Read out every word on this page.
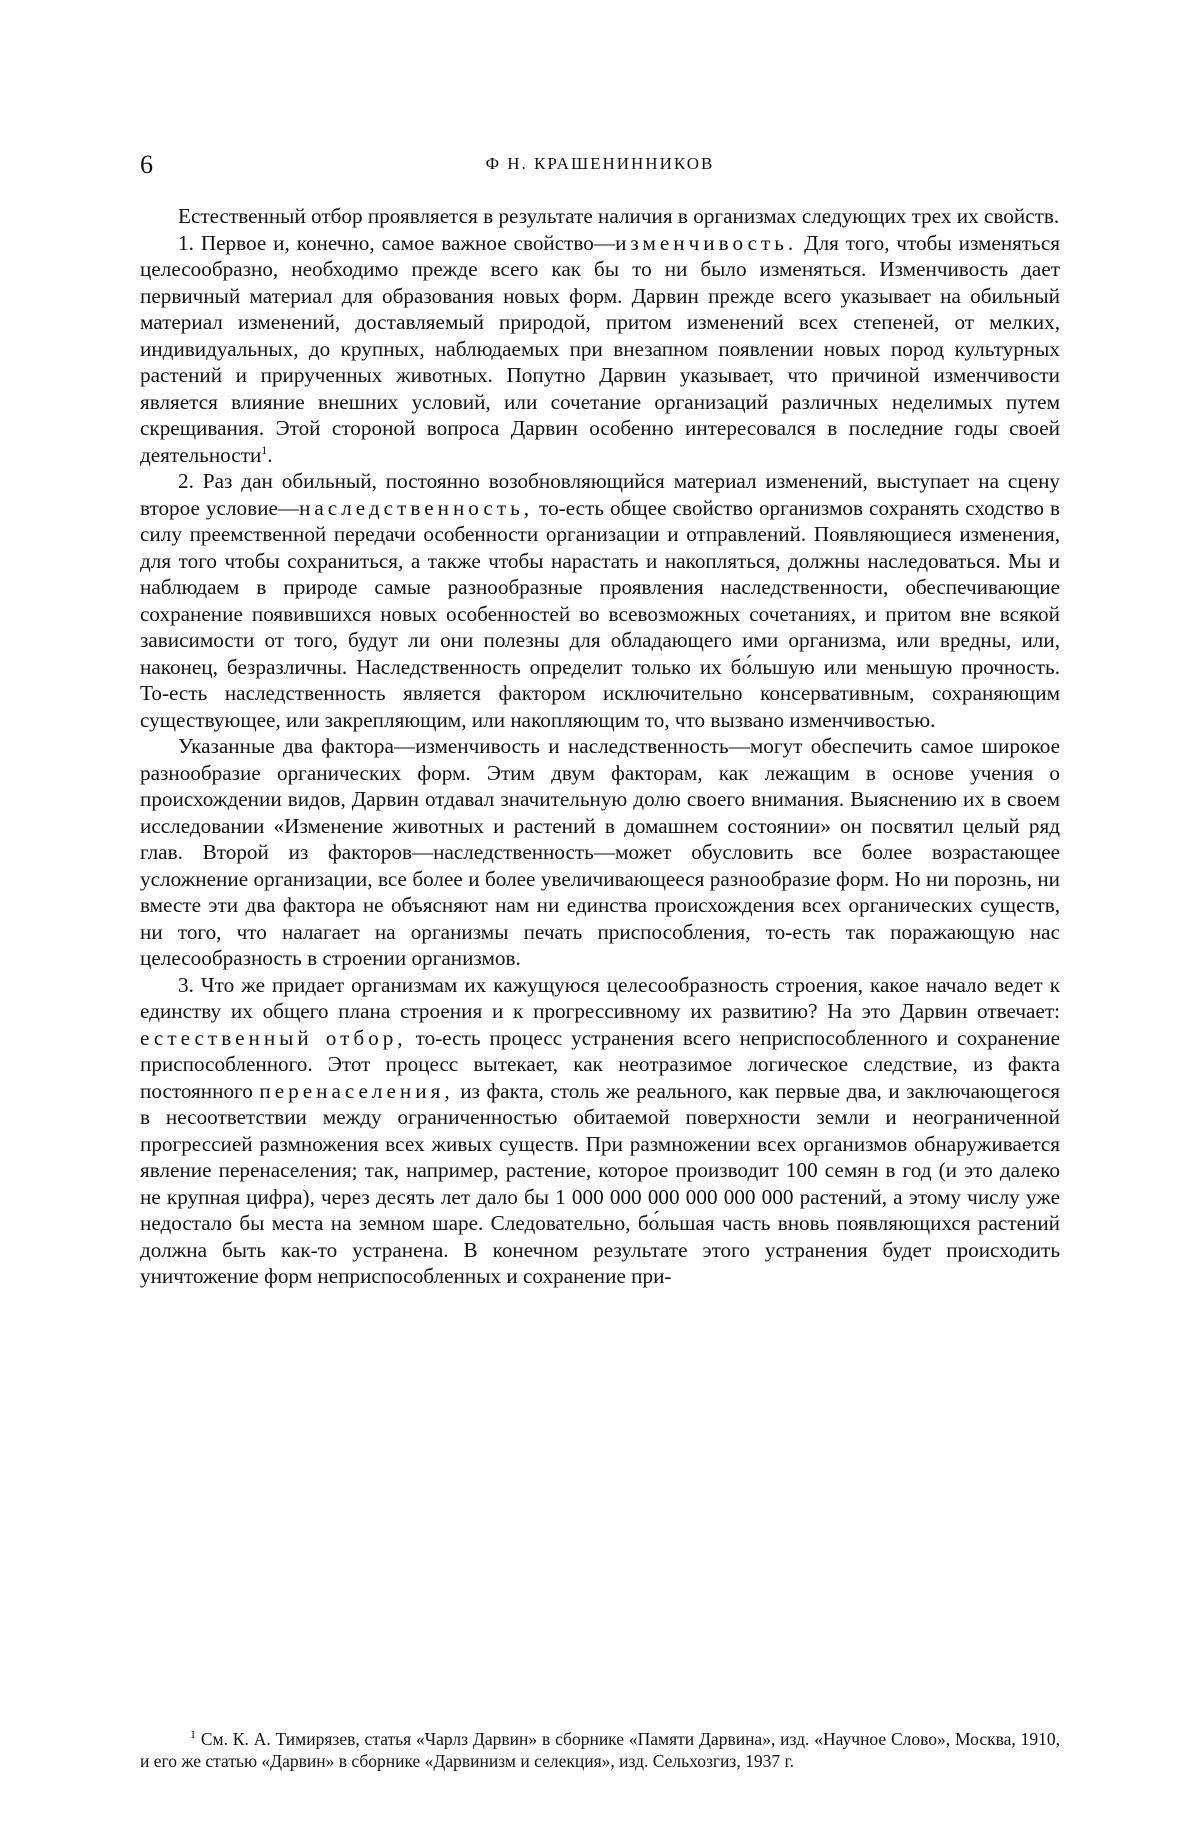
6	Ф Н. КРАШЕНИННИКОВ

Естественный отбор проявляется в результате наличия в организмах следующих трех их свойств.

1. Первое и, конечно, самое важное свойство—изменчивость. Для того, чтобы изменяться целесообразно, необходимо прежде всего как бы то ни было изменяться. Изменчивость дает первичный материал для образования новых форм. Дарвин прежде всего указывает на обильный материал изменений, доставляемый природой, притом изменений всех степеней, от мелких, индивидуальных, до крупных, наблюдаемых при внезапном появлении новых пород культурных растений и прирученных животных. Попутно Дарвин указывает, что причиной изменчивости является влияние внешних условий, или сочетание организаций различных неделимых путем скрещивания. Этой стороной вопроса Дарвин особенно интересовался в последние годы своей деятельности$^1$.

2. Раз дан обильный, постоянно возобновляющийся материал изменений, выступает на сцену второе условие—наследственность, то-есть общее свойство организмов сохранять сходство в силу преемственной передачи особенности организации и отправлений. Появляющиеся изменения, для того чтобы сохраниться, а также чтобы нарастать и накопляться, должны наследоваться. Мы и наблюдаем в природе самые разнообразные проявления наследственности, обеспечивающие сохранение появившихся новых особенностей во всевозможных сочетаниях, и притом вне всякой зависимости от того, будут ли они полезны для обладающего ими организма, или вредны, или, наконец, безразличны. Наследственность определит только их бо́льшую или меньшую прочность. То-есть наследственность является фактором исключительно консервативным, сохраняющим существующее, или закрепляющим, или накопляющим то, что вызвано изменчивостью.

Указанные два фактора—изменчивость и наследственность—могут обеспечить самое широкое разнообразие органических форм. Этим двум факторам, как лежащим в основе учения о происхождении видов, Дарвин отдавал значительную долю своего внимания. Выяснению их в своем исследовании «Изменение животных и растений в домашнем состоянии» он посвятил целый ряд глав. Второй из факторов—наследственность—может обусловить все более возрастающее усложнение организации, все более и более увеличивающееся разнообразие форм. Но ни порознь, ни вместе эти два фактора не объясняют нам ни единства происхождения всех органических существ, ни того, что налагает на организмы печать приспособления, то-есть так поражающую нас целесообразность в строении организмов.

3. Что же придает организмам их кажущуюся целесообразность строения, какое начало ведет к единству их общего плана строения и к прогрессивному их развитию? На это Дарвин отвечает: естественный отбор, то-есть процесс устранения всего неприспособленного и сохранение приспособленного. Этот процесс вытекает, как неотразимое логическое следствие, из факта постоянного перенаселения, из факта, столь же реального, как первые два, и заключающегося в несоответствии между ограниченностью обитаемой поверхности земли и неограниченной прогрессией размножения всех живых существ. При размножении всех организмов обнаруживается явление перенаселения; так, например, растение, которое производит 100 семян в год (и это далеко не крупная цифра), через десять лет дало бы 1 000 000 000 000 000 000 растений, а этому числу уже недостало бы места на земном шаре. Следовательно, бо́льшая часть вновь появляющихся растений должна быть как-то устранена. В конечном результате этого устранения будет происходить уничтожение форм неприспособленных и сохранение при-

$^1$ См. К. А. Тимирязев, статья «Чарлз Дарвин» в сборнике «Памяти Дарвина», изд. «Научное Слово», Москва, 1910, и его же статью «Дарвин» в сборнике «Дарвинизм и селекция», изд. Сельхозгиз, 1937 г.
